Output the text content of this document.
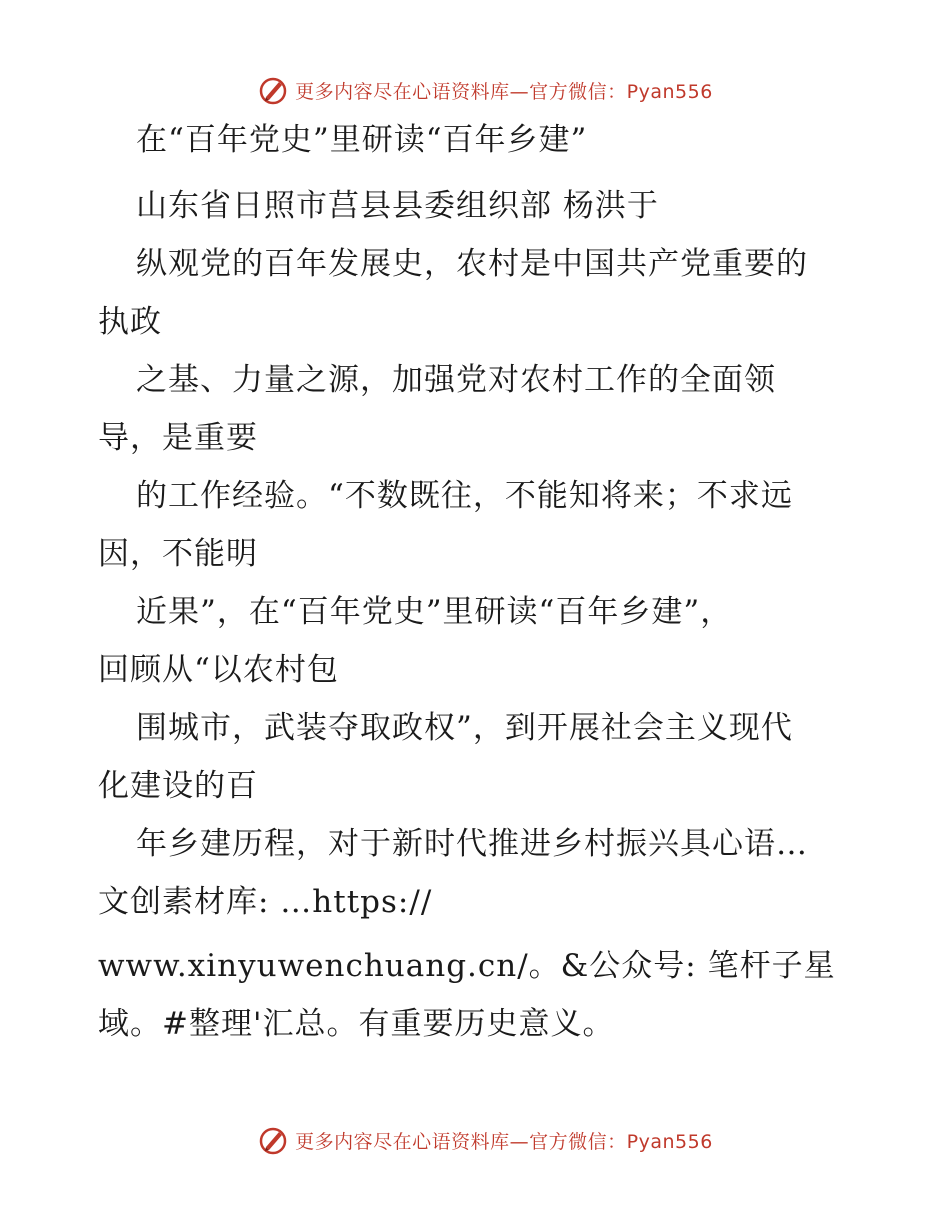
更多内容尽在心语资料库—官方微信：Pyan556
在“百年党史”里研读“百年乡建”
山东省日照市莒县县委组织部 杨洪于
纵观党的百年发展史，农村是中国共产党重要的
执政
之基、力量之源，加强党对农村工作的全面领
导，是重要
的工作经验。“不数既往，不能知将来；不求远
因，不能明
近果”，在“百年党史”里研读“百年乡建”，
回顾从“以农村包
围城市，武装夺取政权”，到开展社会主义现代
化建设的百
年乡建历程，对于新时代推进乡村振兴具心语…
文创素材库: …https://
www.xinyuwenchuang.cn/。&公众号: 笔杆子星
域。#整理'汇总。有重要历史意义。
更多内容尽在心语资料库—官方微信：Pyan556
